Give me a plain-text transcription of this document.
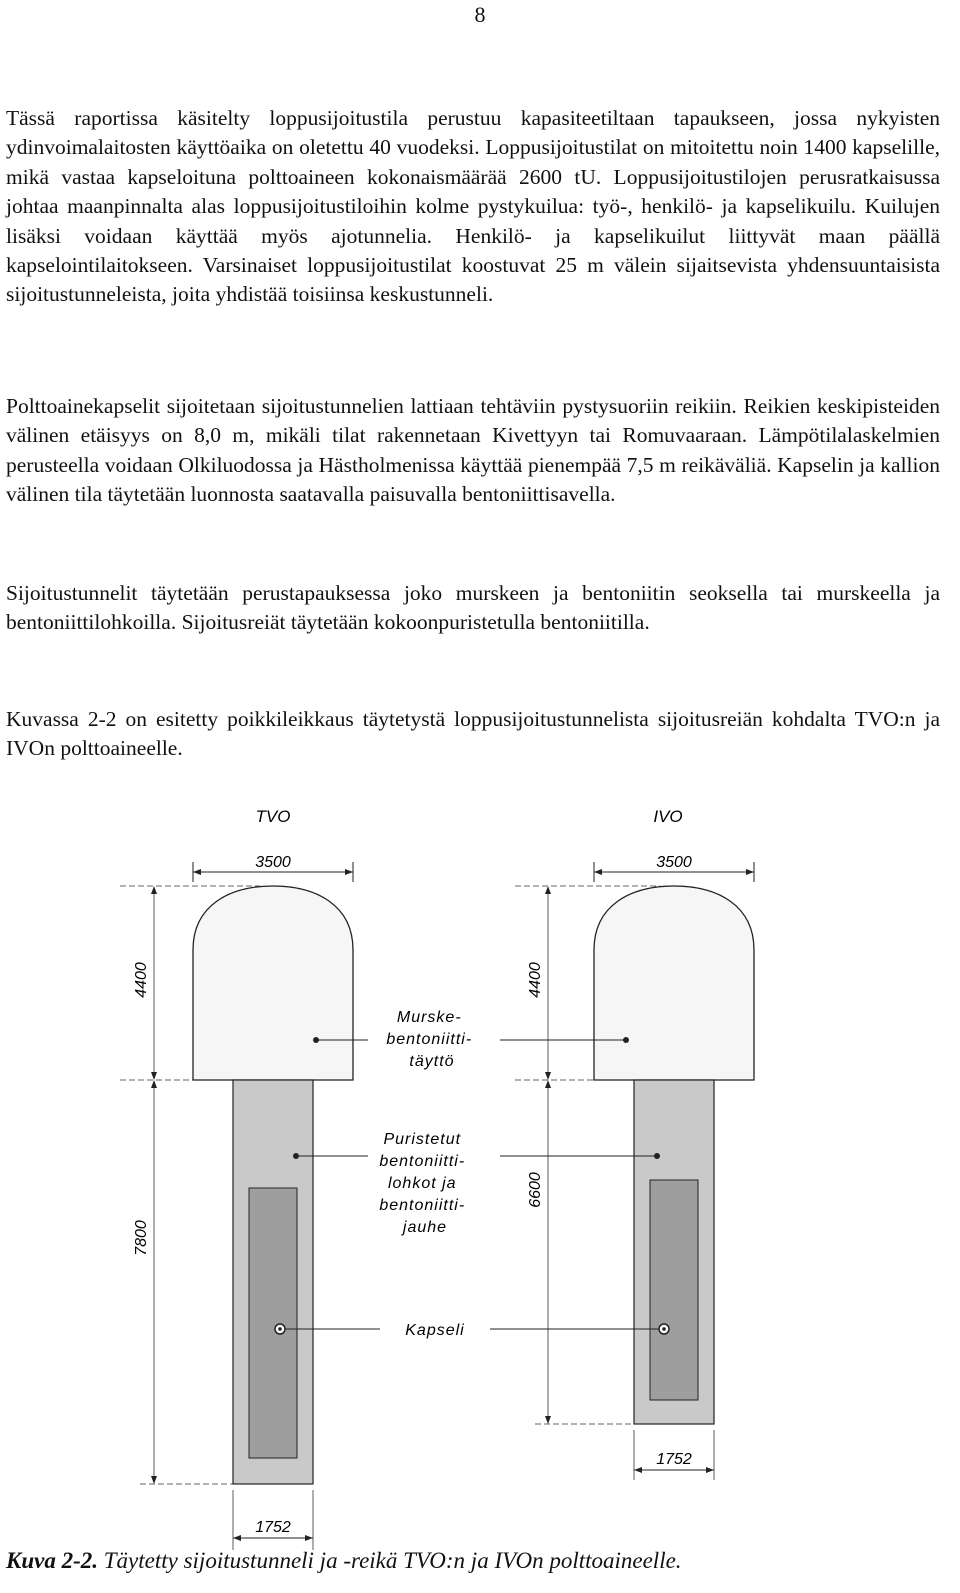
8

Tässä raportissa käsitelty loppusijoitustila perustuu kapasiteetiltaan tapaukseen, jossa nykyisten ydinvoimalaitosten käyttöaika on oletettu 40 vuodeksi. Loppusijoitustilat on mitoitettu noin 1400 kapselille, mikä vastaa kapseloituna polttoaineen kokonaismäärää 2600 tU. Loppusijoitustilojen perusratkaisussa johtaa maanpinnalta alas loppusijoitustiloihin kolme pystykuilua: työ-, henkilö- ja kapselikuilu. Kuilujen lisäksi voidaan käyttää myös ajotunnelia. Henkilö- ja kapselikuilut liittyvät maan päällä kapselointilaitokseen. Varsinaiset loppusijoitustilat koostuvat 25 m välein sijaitsevista yhdensuuntaisista sijoitustunneleista, joita yhdistää toisiinsa keskustunneli.

Polttoainekapselit sijoitetaan sijoitustunnelien lattiaan tehtäviin pystysuoriin reikiin. Reikien keskipisteiden välinen etäisyys on 8,0 m, mikäli tilat rakennetaan Kivettyyn tai Romuvaaraan. Lämpötilalaskelmien perusteella voidaan Olkiluodossa ja Hästholmenissa käyttää pienempää 7,5 m reikäväliä. Kapselin ja kallion välinen tila täytetään luonnosta saatavalla paisuvalla bentoniittisavella.

Sijoitustunnelit täytetään perustapauksessa joko murskeen ja bentoniitin seoksella tai murskeella ja bentoniittilohkoilla. Sijoitusreiät täytetään kokoonpuristetulla bentoniitilla.

Kuvassa 2-2 on esitetty poikkileikkaus täytetystä loppusijoitustunnelista sijoitusreiän kohdalta TVO:n ja IVOn polttoaineelle.

TVO	IVO
3500
4400
7800
1752
3500
4400
6600
1752
Murske- bentoniitti- täyttö
Puristetut bentoniitti- lohkot ja bentoniitti- jauhe
Kapseli
Kuva 2-2. Täytetty sijoitustunneli ja -reikä TVO:n ja IVOn polttoaineelle.
